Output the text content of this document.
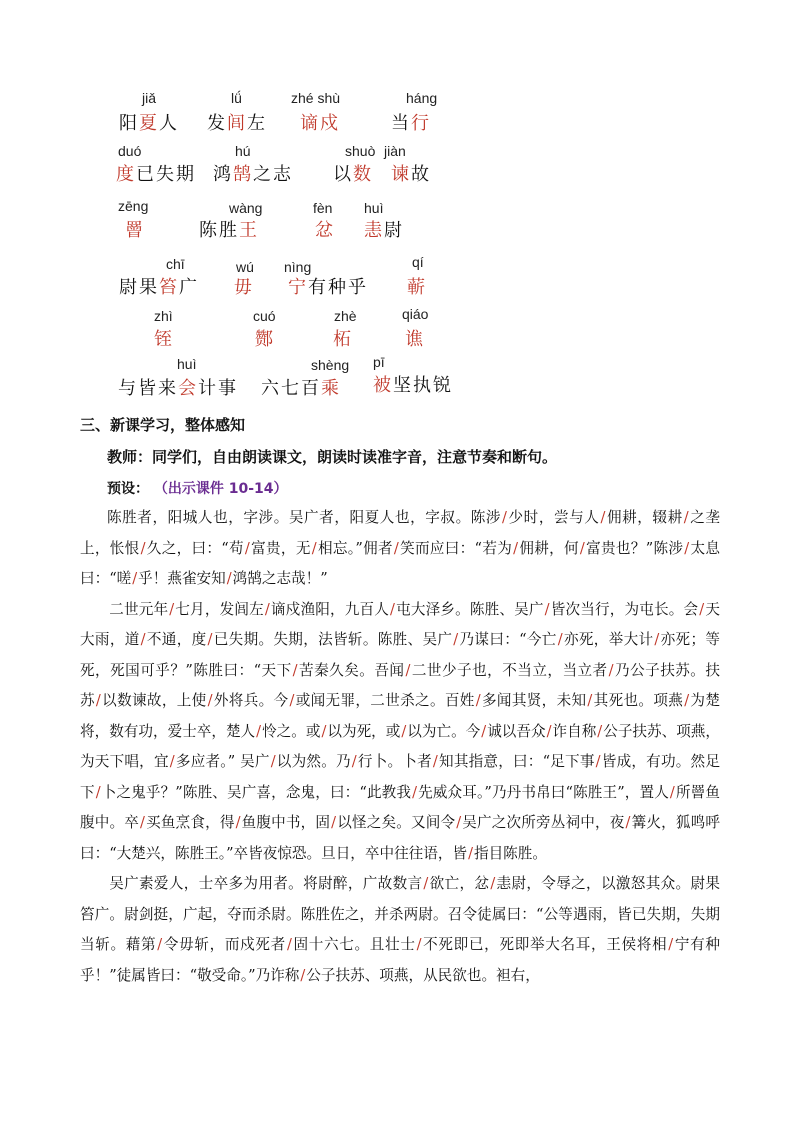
jiǎ
阳夏人
lǘ
发闾左
zhé shù
谪戍
háng
当行
duó
度已失期
hú
鸿鹄之志
shuò
以数
jiàn
谏故
zēng
罾
wàng
陈胜王
fèn
忿
huì
恚尉
chī
尉果笞广
wú
毋
nìng
宁有种乎
qí
蕲
zhì
铚
cuó
酂
zhè
柘
qiáo
谯
huì
与皆来会计事
shèng
六七百乘
pī
被坚执锐
三、新课学习，整体感知
教师：同学们，自由朗读课文，朗读时读准字音，注意节奏和断句。
预设： （出示课件 10-14）

陈胜者，阳城人也，字涉。吴广者，阳夏人也，字叔。陈涉/少时，尝与人/佣耕，辍耕/之垄上，怅恨/久之，曰：“苟/富贵，无/相忘。”佣者/笑而应曰：“若为/佣耕，何/富贵也？”陈涉/太息曰：“嗟/乎！燕雀安知/鸿鹄之志哉！”

二世元年/七月，发闾左/谪戍渔阳，九百人/屯大泽乡。陈胜、吴广/皆次当行，为屯长。会/天大雨，道/不通，度/已失期。失期，法皆斩。陈胜、吴广/乃谋曰：“今亡/亦死，举大计/亦死；等死，死国可乎？”陈胜曰：“天下/苦秦久矣。吾闻/二世少子也，不当立，当立者/乃公子扶苏。扶苏/以数谏故，上使/外将兵。今/或闻无罪，二世杀之。百姓/多闻其贤，未知/其死也。项燕/为楚将，数有功，爱士卒，楚人/怜之。或/以为死，或/以为亡。今/诚以吾众/诈自称/公子扶苏、项燕，为天下唱，宜/多应者。” 吴广/以为然。乃/行卜。卜者/知其指意，曰：“足下事/皆成，有功。然足下/卜之鬼乎？”陈胜、吴广喜，念鬼，曰：“此教我/先威众耳。”乃丹书帛曰“陈胜王”，置人/所罾鱼腹中。卒/买鱼烹食，得/鱼腹中书，固/以怪之矣。又间令/吴广之次所旁丛祠中，夜/篝火，狐鸣呼曰：“大楚兴，陈胜王。”卒皆夜惊恐。旦日，卒中往往语，皆/指目陈胜。

吴广素爱人，士卒多为用者。将尉醉，广故数言/欲亡，忿/恚尉，令辱之，以激怒其众。尉果笞广。尉剑挺，广起，夺而杀尉。陈胜佐之，并杀两尉。召令徒属曰：“公等遇雨，皆已失期，失期当斩。藉第/令毋斩，而戍死者/固十六七。且壮士/不死即已，死即举大名耳，王侯将相/宁有种乎！”徒属皆曰：“敬受命。”乃诈称/公子扶苏、项燕，从民欲也。袒右，
